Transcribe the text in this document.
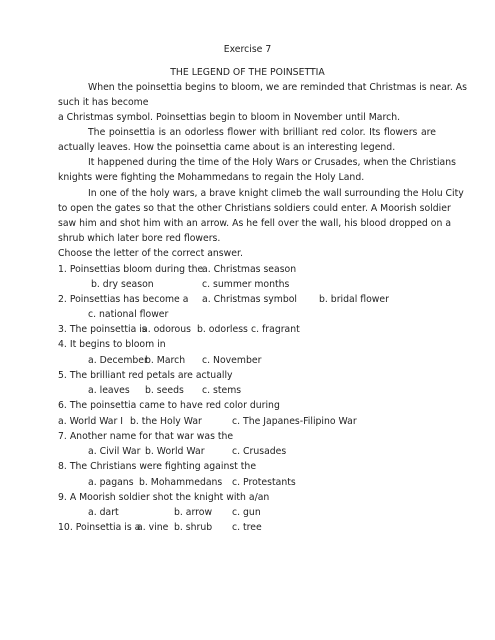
Exercise 7
THE LEGEND OF THE POINSETTIA
When the poinsettia begins to bloom, we are reminded that Christmas is near. As
such it has become
a Christmas symbol. Poinsettias begin to bloom in November until March.
The poinsettia is an odorless flower with brilliant red color. Its flowers are
actually leaves. How the poinsettia came about is an interesting legend.
It happened during the time of the Holy Wars or Crusades, when the Christians
knights were fighting the Mohammedans to regain the Holy Land.
In one of the holy wars, a brave knight climeb the wall surrounding the Holu City
to open the gates so that the other Christians soldiers could enter. A Moorish soldier
saw him and shot him with an arrow. As he fell over the wall, his blood dropped on a
shrub which later bore red flowers.
Choose the letter of the correct answer.
1. Poinsettias bloom during the
a. Christmas season
b. dry season	c. summer months
2. Poinsettias has become a a. Christmas symbol b. bridal flower
c. national flower
3. The poinsettia is
a. odorous b. odorless c. fragrant
4. It begins to bloom in
a. December
b. March c. November
5. The brilliant red petals are actually
a. leaves b. seeds c. stems
6. The poinsettia came to have red color during
a. World War I b. the Holy War	c. The Japanes-Filipino War
7. Another name for that war was the
a. Civil War b. World War	c. Crusades
8. The Christians were fighting against the
a. pagans b. Mohammedans c. Protestants
9. A Moorish soldier shot the knight with a/an
a. dart	b. arrow c. gun
10. Poinsettia is a
a. vine b. shrub c. tree
